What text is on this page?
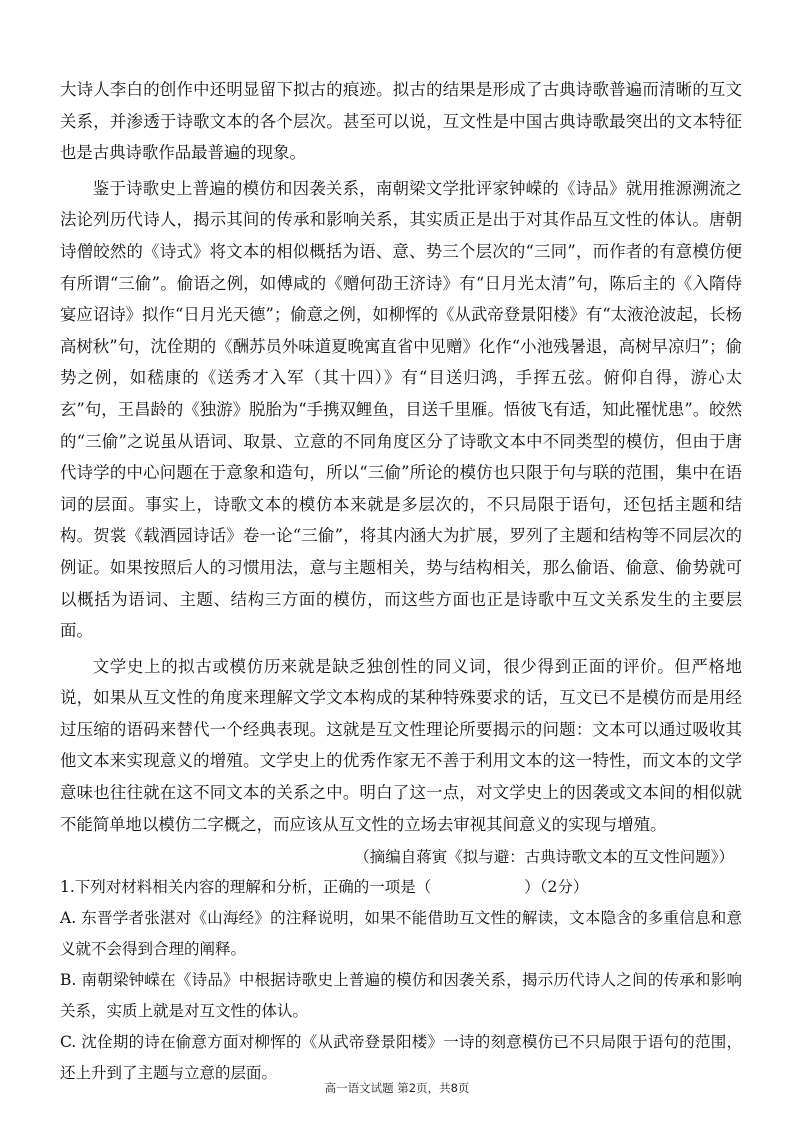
大诗人李白的创作中还明显留下拟古的痕迹。拟古的结果是形成了古典诗歌普遍而清晰的互文关系，并渗透于诗歌文本的各个层次。甚至可以说，互文性是中国古典诗歌最突出的文本特征也是古典诗歌作品最普遍的现象。

鉴于诗歌史上普遍的模仿和因袭关系，南朝梁文学批评家钟嵘的《诗品》就用推源溯流之法论列历代诗人，揭示其间的传承和影响关系，其实质正是出于对其作品互文性的体认。唐朝诗僧皎然的《诗式》将文本的相似概括为语、意、势三个层次的“三同”，而作者的有意模仿便有所谓“三偷”。偷语之例，如傅咸的《赠何劭王济诗》有“日月光太清”句，陈后主的《入隋侍宴应诏诗》拟作“日月光天德”；偷意之例，如柳恽的《从武帝登景阳楼》有“太液沧波起，长杨高树秋”句，沈佺期的《酬苏员外味道夏晚寓直省中见赠》化作“小池残暑退，高树早凉归”；偷势之例，如嵇康的《送秀才入军（其十四）》有“目送归鸿，手挥五弦。俯仰自得，游心太玄”句，王昌龄的《独游》脱胎为“手携双鲤鱼，目送千里雁。悟彼飞有适，知此罹忧患”。皎然的“三偷”之说虽从语词、取景、立意的不同角度区分了诗歌文本中不同类型的模仿，但由于唐代诗学的中心问题在于意象和造句，所以“三偷”所论的模仿也只限于句与联的范围，集中在语词的层面。事实上，诗歌文本的模仿本来就是多层次的，不只局限于语句，还包括主题和结构。贺裳《载酒园诗话》卷一论“三偷”，将其内涵大为扩展，罗列了主题和结构等不同层次的例证。如果按照后人的习惯用法，意与主题相关，势与结构相关，那么偷语、偷意、偷势就可以概括为语词、主题、结构三方面的模仿，而这些方面也正是诗歌中互文关系发生的主要层面。

文学史上的拟古或模仿历来就是缺乏独创性的同义词，很少得到正面的评价。但严格地说，如果从互文性的角度来理解文学文本构成的某种特殊要求的话，互文已不是模仿而是用经过压缩的语码来替代一个经典表现。这就是互文性理论所要揭示的问题：文本可以通过吸收其他文本来实现意义的增殖。文学史上的优秀作家无不善于利用文本的这一特性，而文本的文学意味也往往就在这不同文本的关系之中。明白了这一点，对文学史上的因袭或文本间的相似就不能简单地以模仿二字概之，而应该从互文性的立场去审视其间意义的实现与增殖。

（摘编自蒋寅《拟与避：古典诗歌文本的互文性问题》）

1.下列对材料相关内容的理解和分析，正确的一项是（　　　　　　）（2分）

A. 东晋学者张湛对《山海经》的注释说明，如果不能借助互文性的解读，文本隐含的多重信息和意义就不会得到合理的阐释。

B. 南朝梁钟嵘在《诗品》中根据诗歌史上普遍的模仿和因袭关系，揭示历代诗人之间的传承和影响关系，实质上就是对互文性的体认。

C. 沈佺期的诗在偷意方面对柳恽的《从武帝登景阳楼》一诗的刻意模仿已不只局限于语句的范围，还上升到了主题与立意的层面。

高一语文试题 第2页，共8页
